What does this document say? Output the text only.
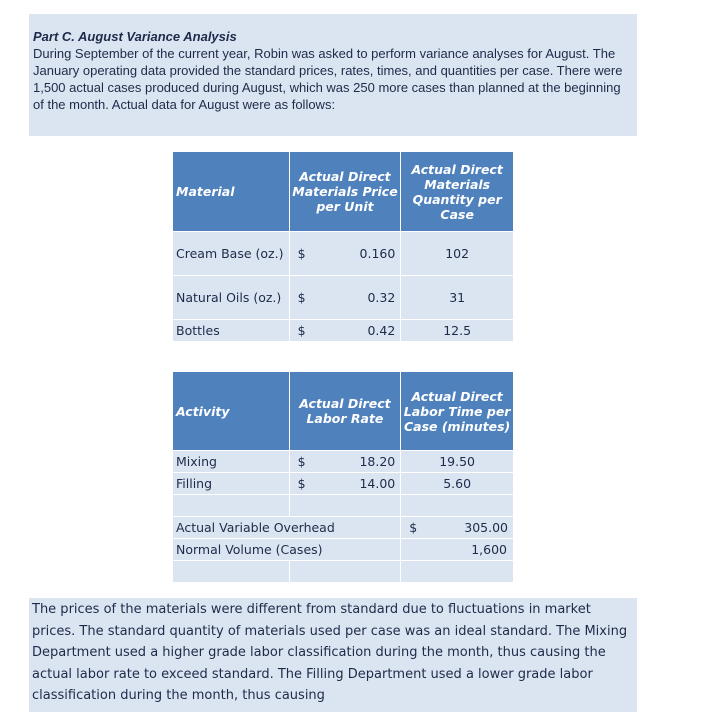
Part C. August Variance Analysis
During September of the current year, Robin was asked to perform variance analyses for August. The January operating data provided the standard prices, rates, times, and quantities per case. There were 1,500 actual cases produced during August, which was 250 more cases than planned at the beginning of the month. Actual data for August were as follows:
Material	Actual Direct Materials Price per Unit	Actual Direct Materials Quantity per Case
Cream Base (oz.)	$ 0.160	102
Natural Oils (oz.)	$ 0.32	31
Bottles	$ 0.42	12.5
Activity	Actual Direct Labor Rate	Actual Direct Labor Time per Case (minutes)
Mixing	$ 18.20	19.50
Filling	$ 14.00	5.60

Actual Variable Overhead		$ 305.00

Normal Volume (Cases)		1,600

The prices of the materials were different from standard due to fluctuations in market prices. The standard quantity of materials used per case was an ideal standard. The Mixing Department used a higher grade labor classification during the month, thus causing the actual labor rate to exceed standard. The Filling Department used a lower grade labor classification during the month, thus causing
